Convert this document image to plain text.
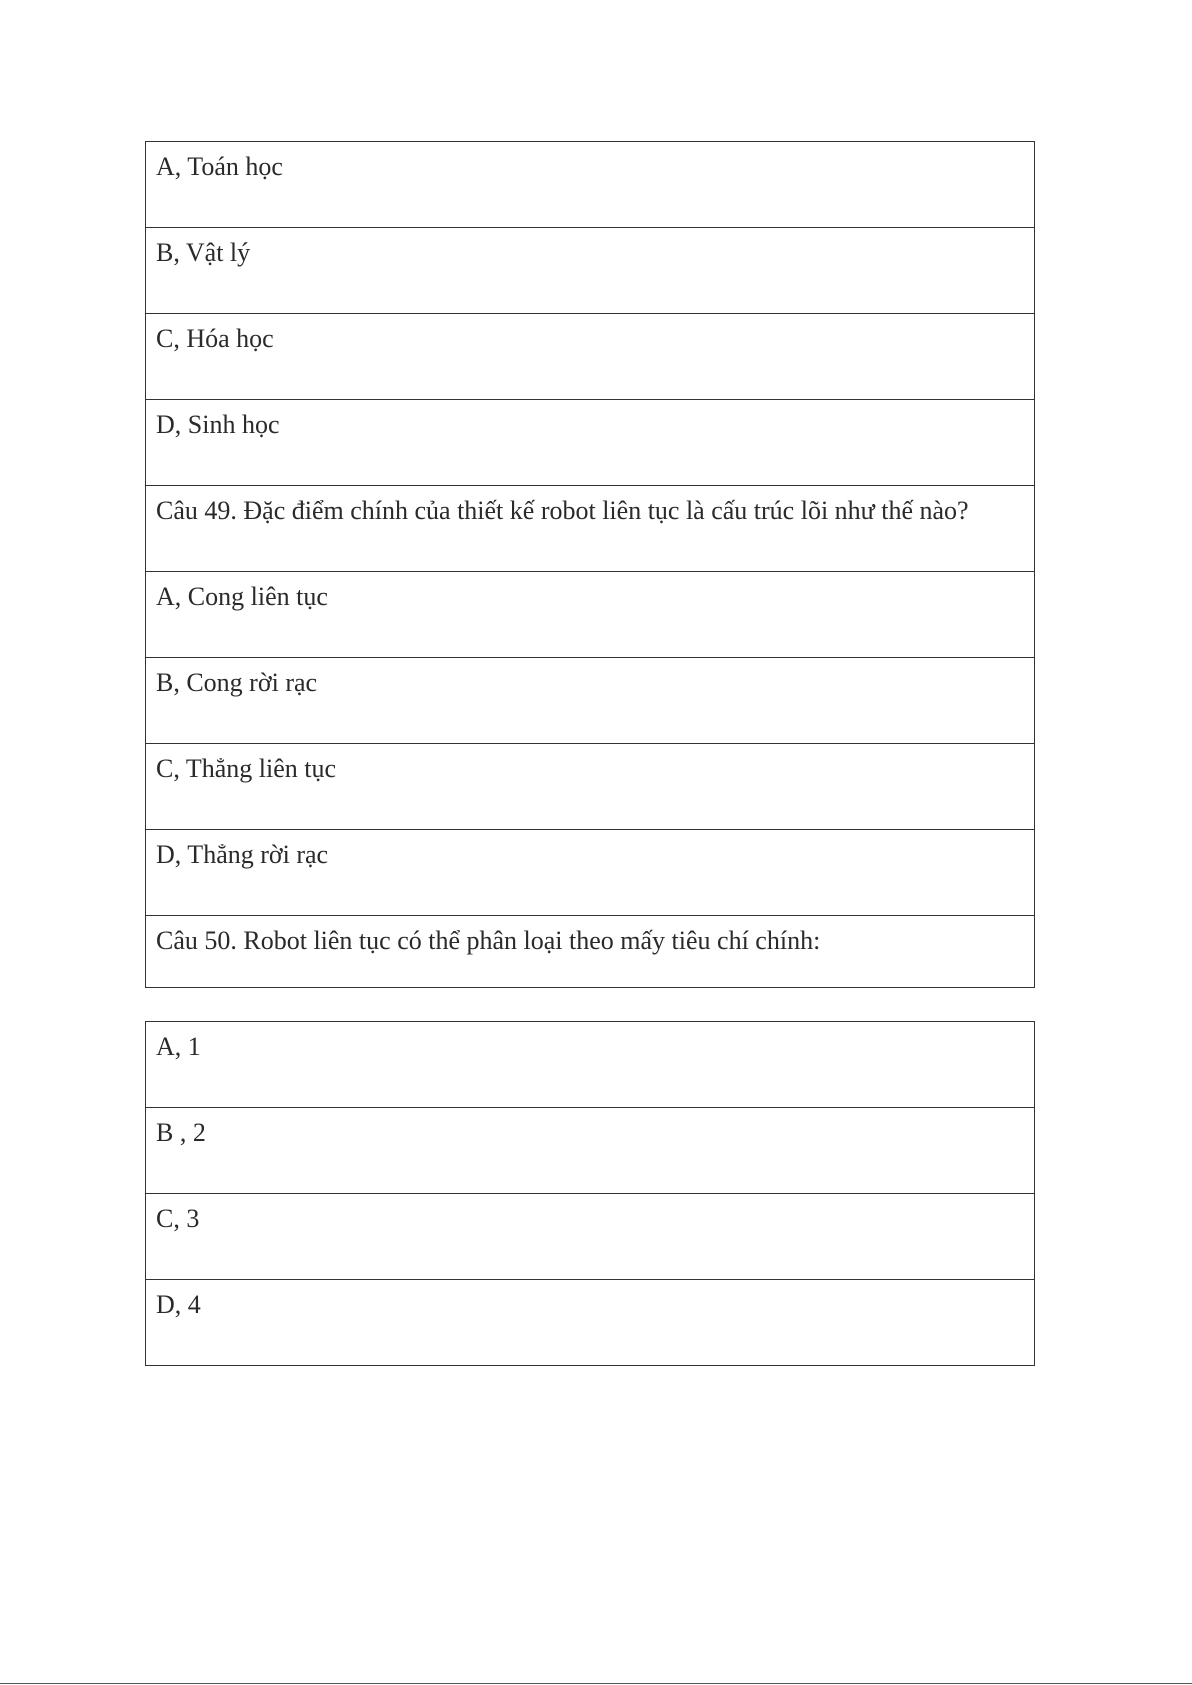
A, Toán học
B, Vật lý
C, Hóa học
D, Sinh học
Câu 49. Đặc điểm chính của thiết kế robot liên tục là cấu trúc lõi như thế nào?
A, Cong liên tục
B, Cong rời rạc
C, Thẳng liên tục
D, Thẳng rời rạc
Câu 50. Robot liên tục có thể phân loại theo mấy tiêu chí chính:
A, 1
B , 2
C, 3
D, 4
